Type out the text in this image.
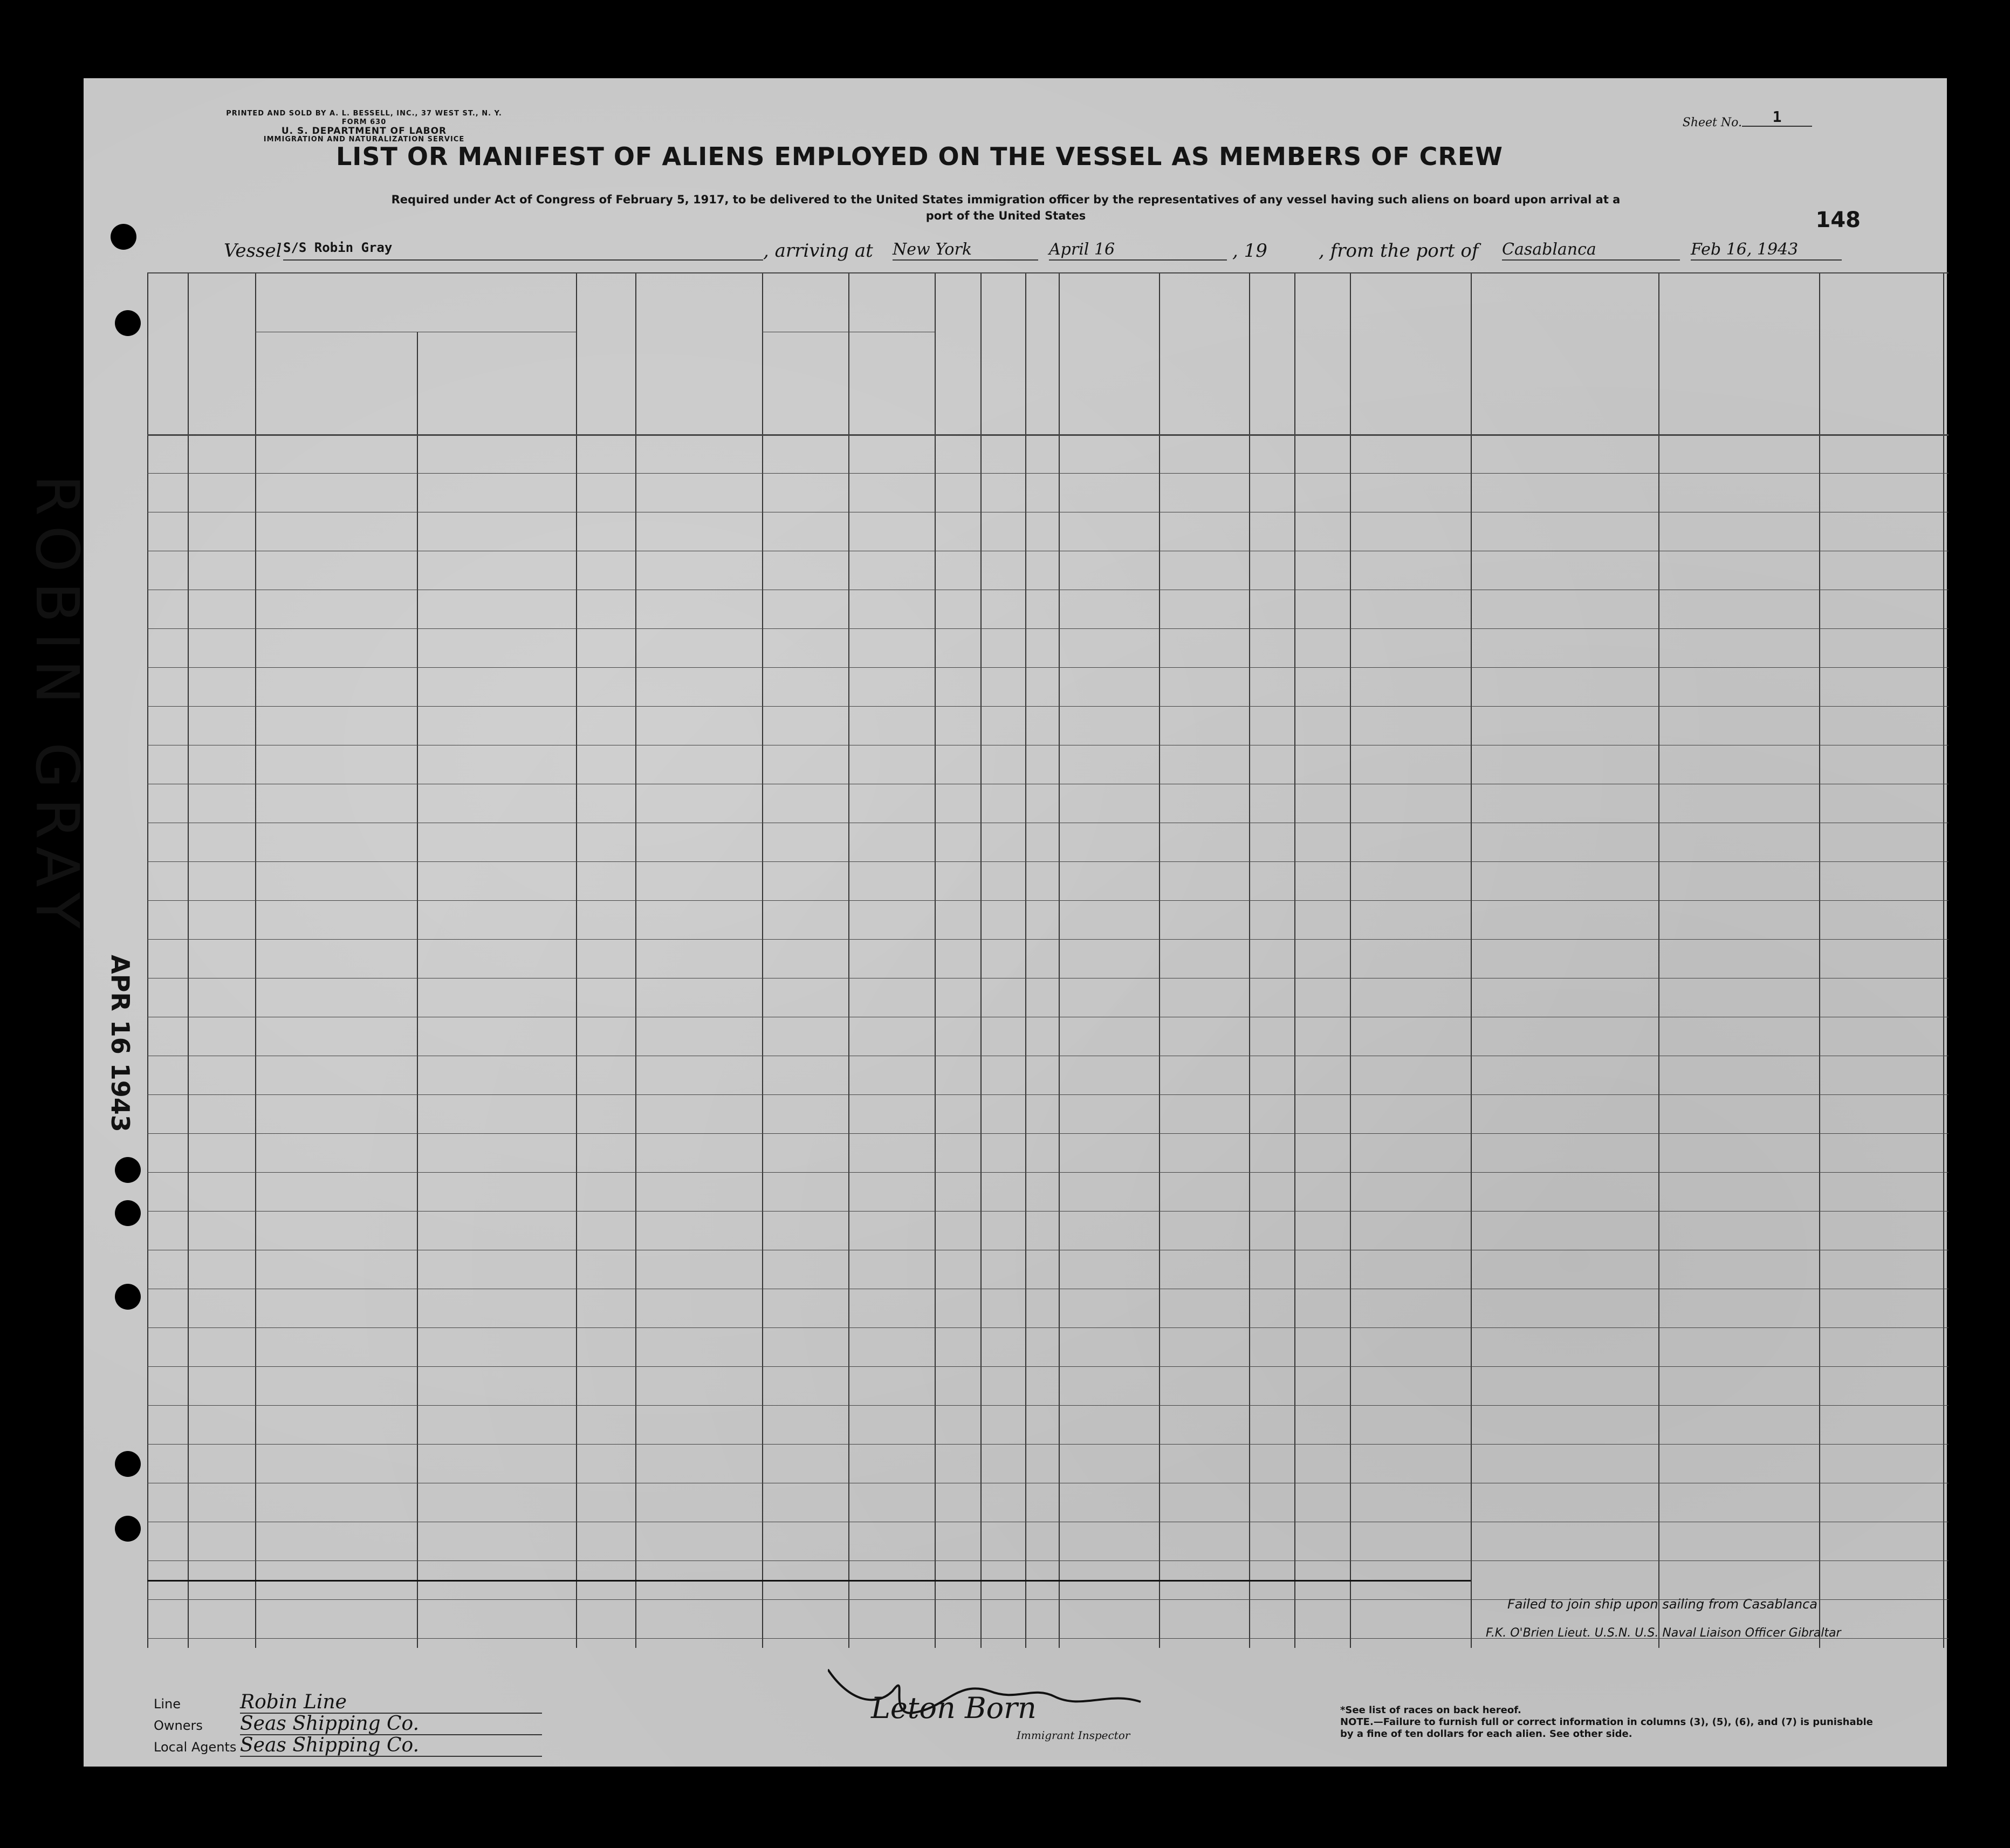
PRINTED AND SOLD BY A. L. BESSELL, INC., 37 WEST ST., N. Y.
FORM 630
U. S. DEPARTMENT OF LABOR
IMMIGRATION AND NATURALIZATION SERVICE
Sheet No.	1
LIST OR MANIFEST OF ALIENS EMPLOYED ON THE VESSEL AS MEMBERS OF CREW
Required under Act of Congress of February 5, 1917, to be delivered to the United States immigration officer by the representatives of any vessel having such aliens on board upon arrival at a
port of the United States	148
Vessel S/S Robin Gray	, arriving at New York	April 16	, 19	, from the port of Casablanca	Feb 16, 1943
Failed to join ship upon sailing from Casablanca
F.K. O'Brien Lieut. U.S.N. U.S. Naval Liaison Officer Gibraltar
Leton Born
Line	Robin Line
Owners Seas Shipping Co.
Local Agents Seas Shipping Co.	Immigrant Inspector
*See list of races on back hereof.
NOTE.—Failure to furnish full or correct information in columns (3), (5), (6), and (7) is punishable by a fine of ten dollars for each alien. See other side.
ROBIN GRAY
APR 16 1943
